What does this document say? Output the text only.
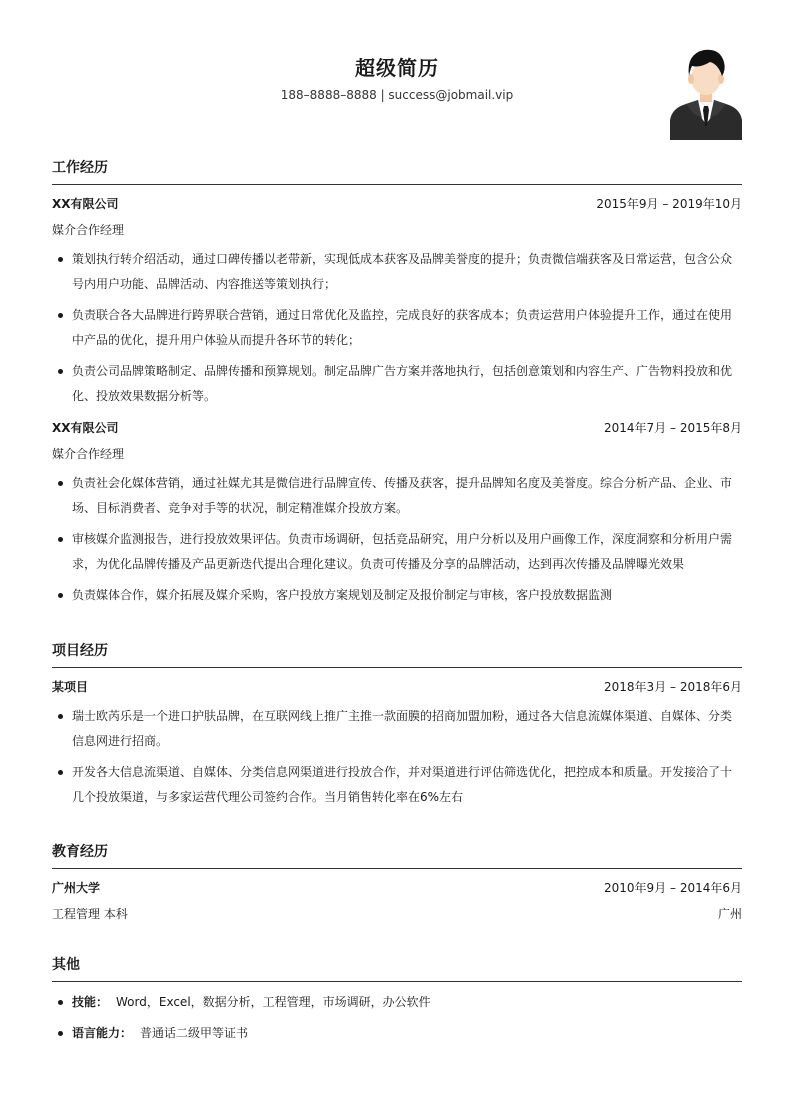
超级简历
188–8888–8888 | success@jobmail.vip
工作经历
XX有限公司	2015年9月 – 2019年10月
媒介合作经理
策划执行转介绍活动，通过口碑传播以老带新，实现低成本获客及品牌美誉度的提升；负责微信端获客及日常运营，包含公众号内用户功能、品牌活动、内容推送等策划执行；
负责联合各大品牌进行跨界联合营销，通过日常优化及监控，完成良好的获客成本；负责运营用户体验提升工作，通过在使用中产品的优化，提升用户体验从而提升各环节的转化；
负责公司品牌策略制定、品牌传播和预算规划。制定品牌广告方案并落地执行，包括创意策划和内容生产、广告物料投放和优化、投放效果数据分析等。
XX有限公司	2014年7月 – 2015年8月
媒介合作经理
负责社会化媒体营销，通过社媒尤其是微信进行品牌宣传、传播及获客，提升品牌知名度及美誉度。综合分析产品、企业、市场、目标消费者、竞争对手等的状况，制定精准媒介投放方案。
审核媒介监测报告，进行投放效果评估。负责市场调研，包括竞品研究，用户分析以及用户画像工作，深度洞察和分析用户需求，为优化品牌传播及产品更新迭代提出合理化建议。负责可传播及分享的品牌活动，达到再次传播及品牌曝光效果
负责媒体合作，媒介拓展及媒介采购，客户投放方案规划及制定及报价制定与审核，客户投放数据监测
项目经历
某项目	2018年3月 – 2018年6月
瑞士欧芮乐是一个进口护肤品牌，在互联网线上推广主推一款面膜的招商加盟加粉，通过各大信息流媒体渠道、自媒体、分类信息网进行招商。
开发各大信息流渠道、自媒体、分类信息网渠道进行投放合作，并对渠道进行评估筛选优化，把控成本和质量。开发接洽了十几个投放渠道，与多家运营代理公司签约合作。当月销售转化率在6%左右
教育经历
广州大学	2010年9月 – 2014年6月
工程管理 本科	广州
其他
技能： Word，Excel，数据分析，工程管理，市场调研，办公软件
语言能力： 普通话二级甲等证书
